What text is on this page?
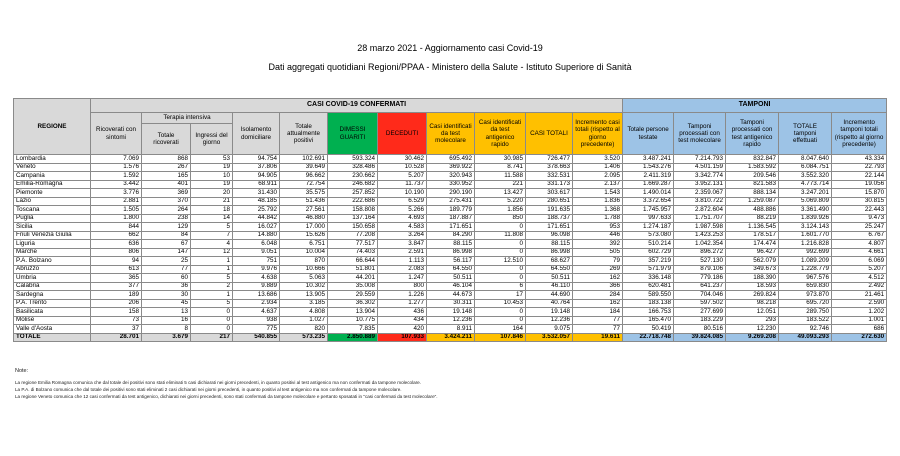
28 marzo 2021 - Aggiornamento casi Covid-19
Dati aggregati quotidiani Regioni/PPAA - Ministero della Salute - Istituto Superiore di Sanità
REGIONE	CASI COVID-19 CONFERMATI											TAMPONI				
	Ricoverati con sintomi	Terapia intensiva		Isolamento domiciliare	Totale attualmente positivi	DIMESSI GUARITI	DECEDUTI	Casi identificati da test molecolare	Casi identificati da test antigenico rapido	CASI TOTALI	Incremento casi totali (rispetto al giorno precedente)	Totale persone testate	Tamponi processati con test molecolare	Tamponi processati con test antigenico rapido	TOTALE tamponi effettuati	Incremento tamponi totali (rispetto al giorno precedente)
		Totale ricoverati	Ingressi del giorno													
Lombardia	7.069	868	53	94.754	102.691	593.324	30.462	695.492	30.985	726.477	3.520	3.487.241	7.214.793	832.847	8.047.640	43.334
Veneto	1.576	267	19	37.806	39.649	328.486	10.528	369.922	8.741	378.663	1.406	1.543.276	4.501.159	1.583.592	6.084.751	22.793
Campania	1.592	165	10	94.905	96.662	230.662	5.207	320.943	11.588	332.531	2.095	2.411.319	3.342.774	209.546	3.552.320	22.144
Emilia-Romagna	3.442	401	19	68.911	72.754	246.682	11.737	330.952	221	331.173	2.137	1.669.287	3.952.131	821.583	4.773.714	19.056
Piemonte	3.776	369	20	31.430	35.575	257.852	10.190	290.190	13.427	303.617	1.543	1.490.014	2.359.067	888.134	3.247.201	15.870
Lazio	2.881	370	21	48.185	51.436	222.686	6.529	275.431	5.220	280.651	1.836	3.372.654	3.810.722	1.259.087	5.069.809	30.815
Toscana	1.505	264	18	25.792	27.561	158.808	5.266	189.779	1.856	191.635	1.368	1.745.957	2.872.604	488.886	3.361.490	22.443
Puglia	1.800	238	14	44.842	46.880	137.164	4.693	187.887	850	188.737	1.788	997.633	1.751.707	88.219	1.839.926	9.473
Sicilia	844	129	5	16.027	17.000	150.658	4.583	171.651	0	171.651	953	1.274.187	1.987.598	1.136.545	3.124.143	25.247
Friuli Venezia Giulia	662	84	7	14.880	15.626	77.208	3.264	84.290	11.808	96.098	446	573.080	1.423.253	178.517	1.601.770	6.767
Liguria	636	67	4	6.048	6.751	77.517	3.847	88.115	0	88.115	392	510.214	1.042.354	174.474	1.216.828	4.807
Marche	806	147	12	9.051	10.004	74.403	2.591	86.998	0	86.998	505	602.729	896.272	96.427	992.699	4.661
P.A. Bolzano	94	25	1	751	870	66.644	1.113	56.117	12.510	68.627	79	357.219	527.130	562.079	1.089.209	6.069
Abruzzo	613	77	1	9.976	10.666	51.801	2.083	64.550	0	64.550	269	571.979	879.106	349.673	1.228.779	5.207
Umbria	365	60	5	4.638	5.063	44.201	1.247	50.511	0	50.511	162	336.148	779.186	188.390	967.576	4.512
Calabria	377	36	2	9.889	10.302	35.008	800	46.104	6	46.110	366	620.481	641.237	18.593	659.830	2.492
Sardegna	189	30	1	13.686	13.905	29.559	1.226	44.673	17	44.690	284	589.550	704.046	269.824	973.870	21.461
P.A. Trento	206	45	5	2.934	3.185	36.302	1.277	30.311	10.453	40.764	162	183.138	597.502	98.218	695.720	2.590
Basilicata	158	13	0	4.637	4.808	13.904	436	19.148	0	19.148	184	166.753	277.699	12.051	289.750	1.202
Molise	73	16	0	938	1.027	10.775	434	12.236	0	12.236	77	165.470	183.229	293	183.522	1.001
Valle d'Aosta	37	8	0	775	820	7.835	420	8.911	164	9.075	77	50.419	80.516	12.230	92.746	686
TOTALE	28.701	3.679	217	540.855	573.235	2.850.889	107.933	3.424.211	107.846	3.532.057	19.611	22.718.748	39.824.085	9.269.208	49.093.293	272.630
Note:
La regione Emilia Romagna comunica che dal totale dei positivi sono stati eliminati 5 casi dichiarati nei giorni precedenti, in quanto positivi al test antigenico ma non confermati da tampone molecolare.
La P.A. di Bolzano comunica che dal totale dei positivi sono stati eliminati 2 casi dichiarati nei giorni precedenti, in quanto positivi al test antigenico ma non confermati da tampone molecolare.
La regione Veneto comunica che 12 casi confermati da test antigenico, dichiarati nei giorni precedenti, sono stati confermati da tampone molecolare e pertanto sposatati in "casi confermati da test molecolare".
